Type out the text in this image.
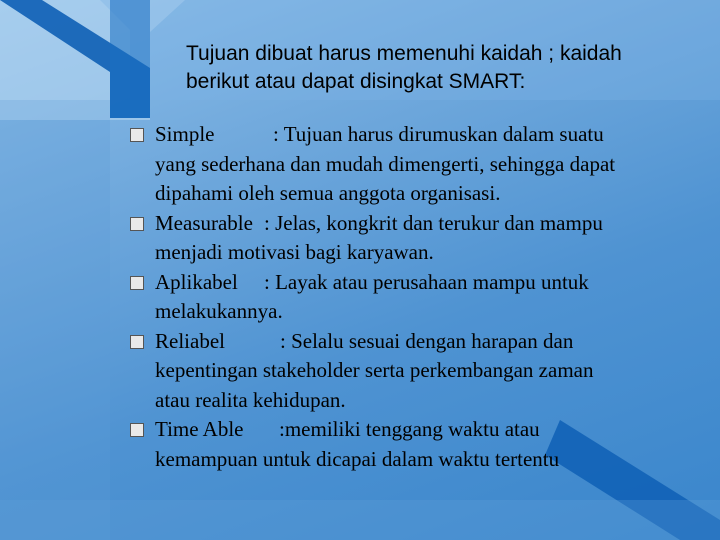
Tujuan dibuat harus memenuhi kaidah ; kaidah
berikut atau dapat disingkat SMART:
Simple	: Tujuan harus dirumuskan dalam suatu
yang sederhana dan mudah dimengerti, sehingga dapat
dipahami oleh semua anggota organisasi.
Measurable : Jelas, kongkrit dan terukur dan mampu
menjadi motivasi bagi karyawan.
Aplikabel : Layak atau perusahaan mampu untuk
melakukannya.
Reliabel	: Selalu sesuai dengan harapan dan
kepentingan stakeholder serta perkembangan zaman
atau realita kehidupan.
Time Able :memiliki tenggang waktu atau
kemampuan untuk dicapai dalam waktu tertentu
